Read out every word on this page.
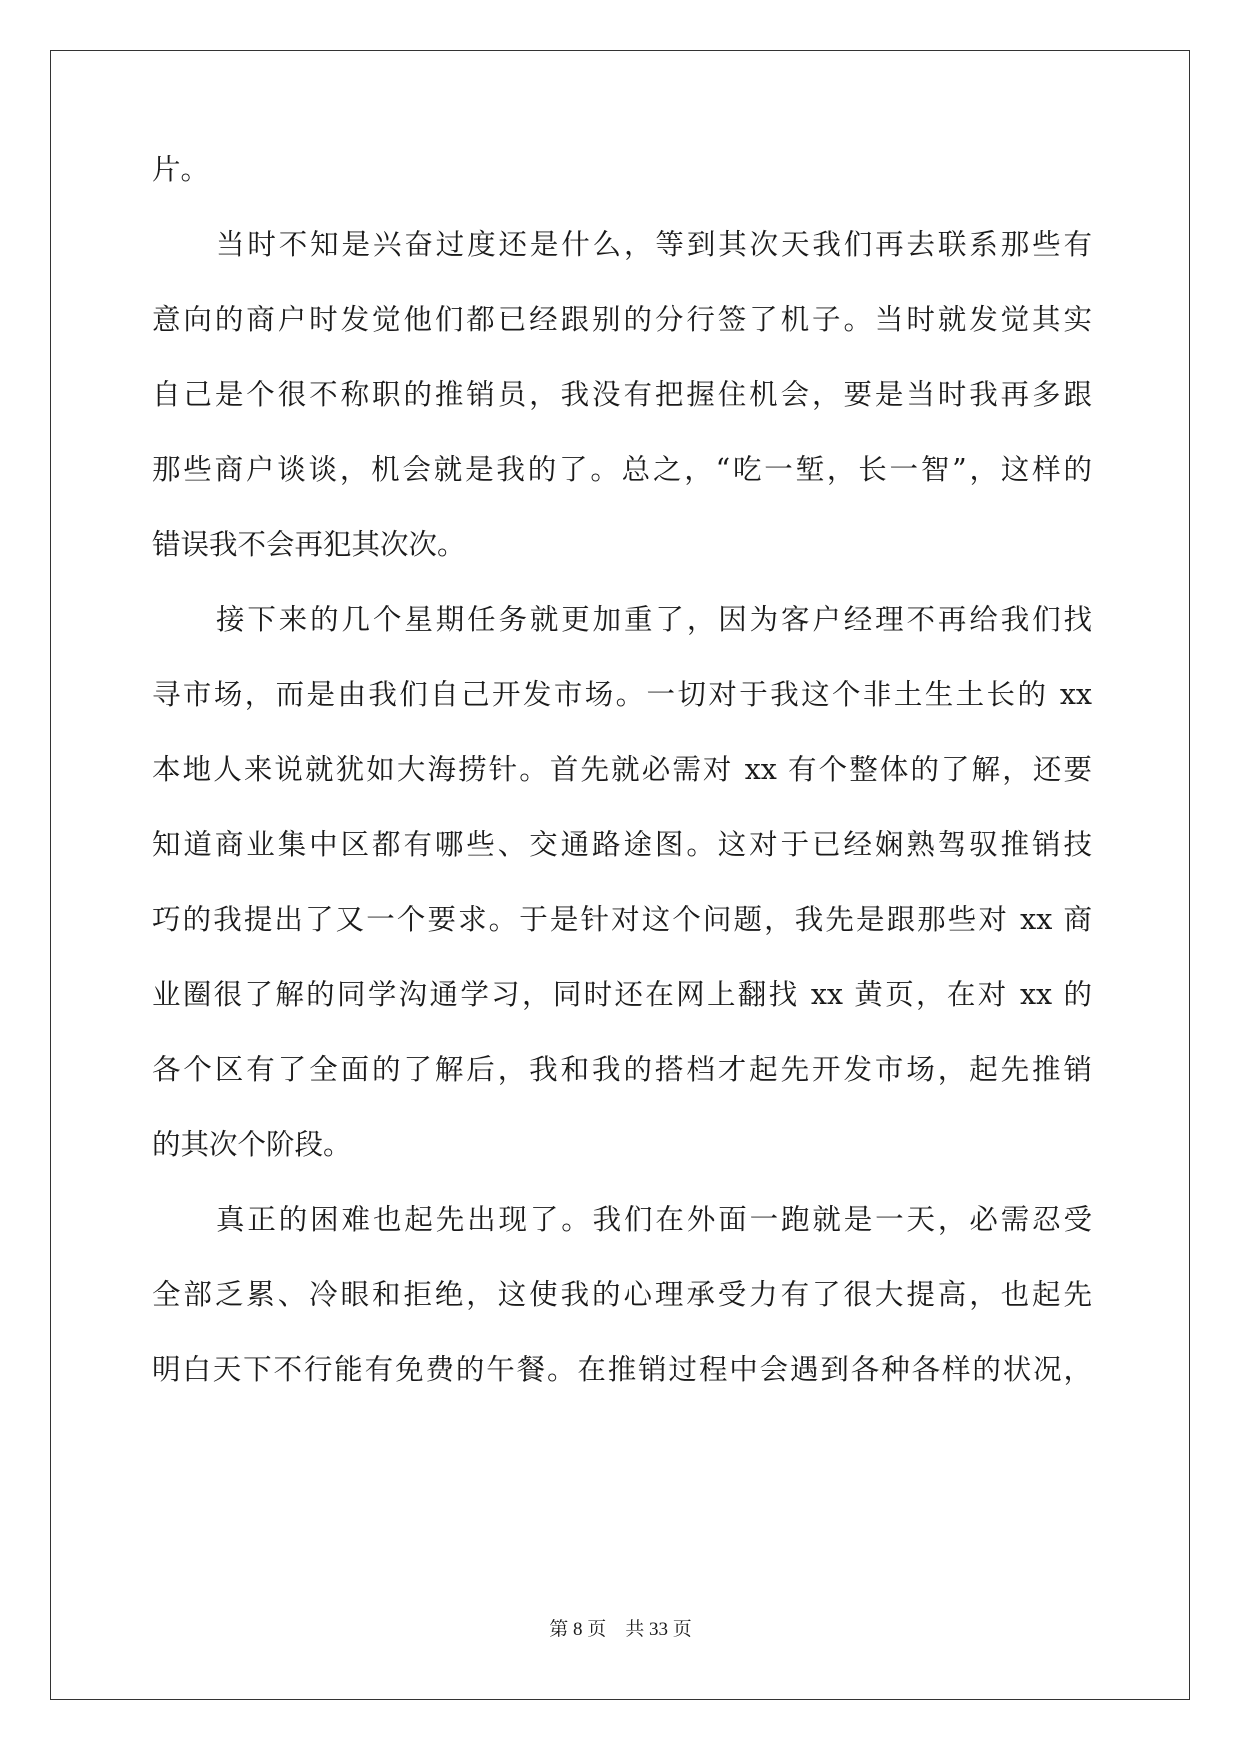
片。

当时不知是兴奋过度还是什么，等到其次天我们再去联系那些有

意向的商户时发觉他们都已经跟别的分行签了机子。当时就发觉其实

自己是个很不称职的推销员，我没有把握住机会，要是当时我再多跟

那些商户谈谈，机会就是我的了。总之，“吃一堑，长一智”，这样的

错误我不会再犯其次次。

接下来的几个星期任务就更加重了，因为客户经理不再给我们找

寻市场，而是由我们自己开发市场。一切对于我这个非土生土长的 xx

本地人来说就犹如大海捞针。首先就必需对 xx 有个整体的了解，还要

知道商业集中区都有哪些、交通路途图。这对于已经娴熟驾驭推销技

巧的我提出了又一个要求。于是针对这个问题，我先是跟那些对 xx 商

业圈很了解的同学沟通学习，同时还在网上翻找 xx 黄页，在对 xx 的

各个区有了全面的了解后，我和我的搭档才起先开发市场，起先推销

的其次个阶段。

真正的困难也起先出现了。我们在外面一跑就是一天，必需忍受

全部乏累、冷眼和拒绝，这使我的心理承受力有了很大提高，也起先

明白天下不行能有免费的午餐。在推销过程中会遇到各种各样的状况，

第 8 页 共 33 页
